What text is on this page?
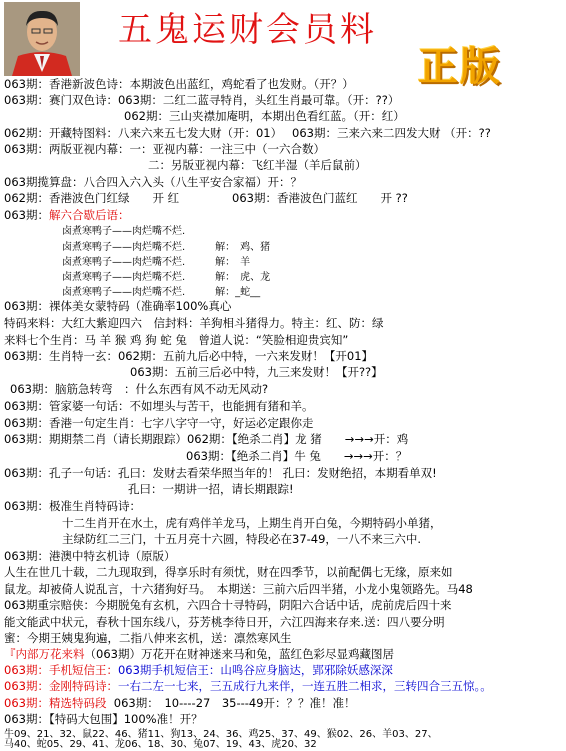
五鬼运财会员料
正版
063期：香港新波色诗：本期波色出蓝红，鸡蛇看了也发财。（开？）
063期：赛门双色诗：063期：二红二蓝寻特肖，头红生肖最可靠。（开：??）
062期：三山夹襟加庵明，本期出色看红蓝。（开：红）
062期：开藏特图料：八来六来五七发大财（开：01） 063期：三来六来二四发大财 （开：??
063期：两版亚视内幕：一：亚视内幕：一注三中（一六合数）
二：另版亚视内幕：飞红半湿（羊后鼠前）
063期揽算盘：八合四入六入头（八生平安合家福）开：？
062期：香港波色门红绿　　开 红	063期：香港波色门蓝红　　开 ??
063期：解六合歇后语：
卤煮寒鸭子——肉烂嘴不烂.
卤煮寒鸭子——肉烂嘴不烂.　　　解：　鸡、猪
卤煮寒鸭子——肉烂嘴不烂.　　　解：　羊
卤煮寒鸭子——肉烂嘴不烂.　　　解：　虎、龙
卤煮寒鸭子——肉烂嘴不烂.　　　解：_蛇__
063期：裸体美女蒙特码（准确率100%真心
特码来料：大红大紫迎四六　信封料：羊狗相斗猪得力。特主：红、防：绿
来料七个生肖：马 羊 猴 鸡 狗 蛇 兔　曾道人说：“笑脸相迎贵宾知”
063期：生肖特一玄：062期：五前九后必中特，一六来发财！【开01】
063期：五前三后必中特，九三来发财！【开??】
063期：脑筋急转弯　：什么东西有风不动无风动?
063期：管家婆一句话：不如埋头与苦干，也能拥有猪和羊。
063期：香港一句定生肖：七字八字守一守，好运必定跟你走
063期：期期禁二肖（请长期跟踪）062期：【绝杀二肖】龙 猪　　→→→开：鸡
063期：【绝杀二肖】牛 兔　　→→→开：？
063期：孔子一句话：孔曰：发财去看荣华照当年的！ 孔曰：发财绝招，本期看单双!
孔曰：一期讲一招，请长期跟踪!
063期：极准生肖特码诗：
十二生肖开在水土，虎有鸡伴羊龙马，上期生肖开白兔，今期特码小单猪，
主绿防红二三门，十五月亮十六圆，特段必在37-49，一八不来三六中.
063期：港澳中特玄机诗（原版）
人生在世几十载，二九现取到，得享乐时有须忧，财在四季节，以前配偶七无缘，原来如
鼠龙。却被倚人说乱言，十六猪狗好马。　本期送：三前六后四半猪，小龙小鬼领路先。马48
063期重宗赔侠：今期脱兔有玄机，六四合十寻特码，阴阳六合话中话，虎前虎后四十来
能文能武中状元，春秋十国东线八，芬芳桃李待日开，六江四海来存来.送：四八要分明
蜜：今期王姨鬼狗遍，二指八伸来玄机，送：凛然寒风生
『内部万花来料（063期）万花开在财神迷来马和兔，蓝红色彩尽显鸡藏图居
063期：手机短信王：063期手机短信王：山鸣谷应身脑达，郢邪除妖感深深
063期：金刚特码诗：一右二左一七来，三五成行九来伴，一连五胜二相求，三转四合三五惊。。
063期：精选特码段 063期：　10----27　35---49开：？？准！准！
063期：【特码大包围】100%准！开？
牛09、21、32、鼠22、46、猪11、狗13、24、36、鸡25、37、49、猴02、26、羊03、27、
马40、蛇05、29、41、龙06、18、30、兔07、19、43、虎20、32
